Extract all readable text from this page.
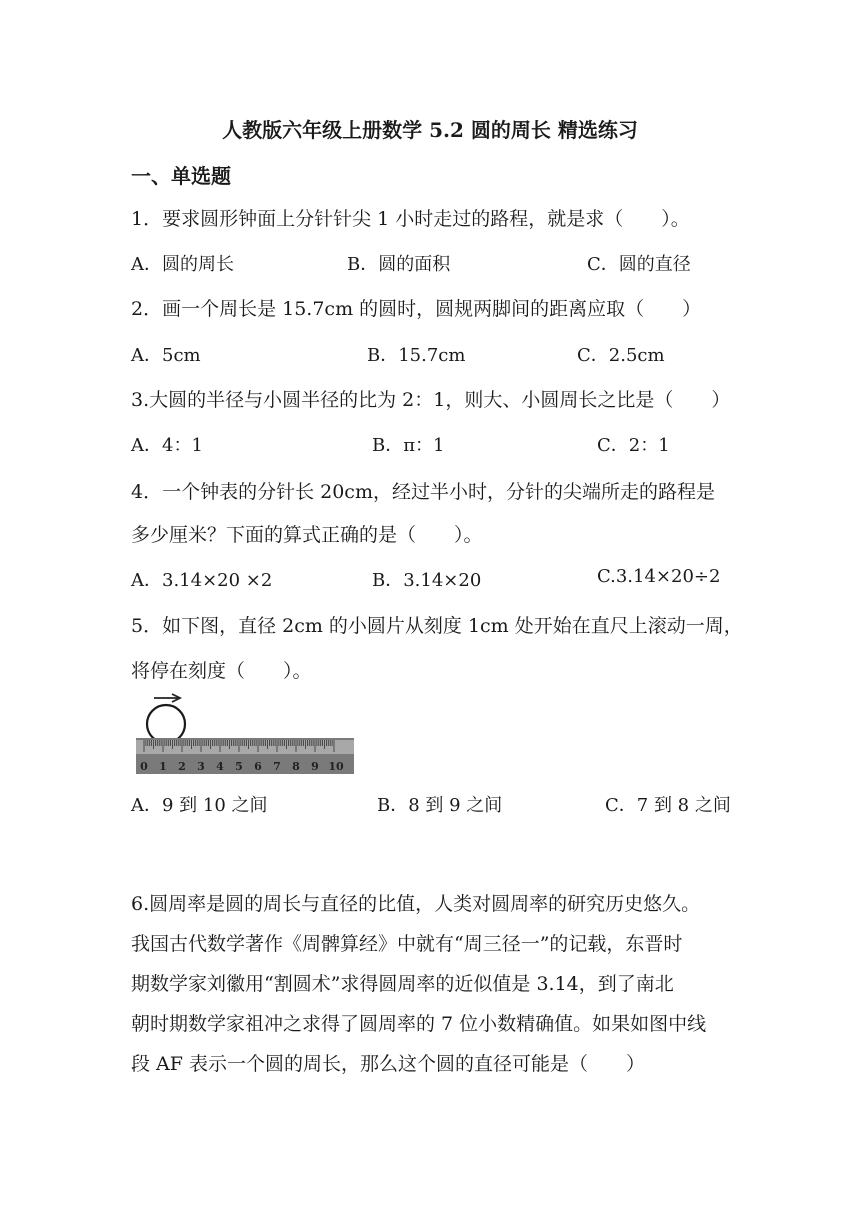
人教版六年级上册数学 5.2 圆的周长 精选练习
一、单选题
1．要求圆形钟面上分针针尖 1 小时走过的路程，就是求（　　）。
A．圆的周长	B．圆的面积	C．圆的直径
2．画一个周长是 15.7cm 的圆时，圆规两脚间的距离应取（　　）
A．5cm	B．15.7cm	C．2.5cm
3.大圆的半径与小圆半径的比为 2：1，则大、小圆周长之比是（　　）
A．4：1	B．π：1	C．2：1
4．一个钟表的分针长 20cm，经过半小时，分针的尖端所走的路程是
多少厘米？下面的算式正确的是（　　）。
A．3.14×20 ×2	B．3.14×20	C.3.14×20÷2
5．如下图，直径 2cm 的小圆片从刻度 1cm 处开始在直尺上滚动一周，
将停在刻度（　　）。
0 1 2 3 4 5 6 7 8 9 10
A．9 到 10 之间	B．8 到 9 之间	C．7 到 8 之间
6.圆周率是圆的周长与直径的比值，人类对圆周率的研究历史悠久。
我国古代数学著作《周髀算经》中就有“周三径一”的记载，东晋时
期数学家刘徽用“割圆术”求得圆周率的近似值是 3.14，到了南北
朝时期数学家祖冲之求得了圆周率的 7 位小数精确值。如果如图中线
段 AF 表示一个圆的周长，那么这个圆的直径可能是（　　）
